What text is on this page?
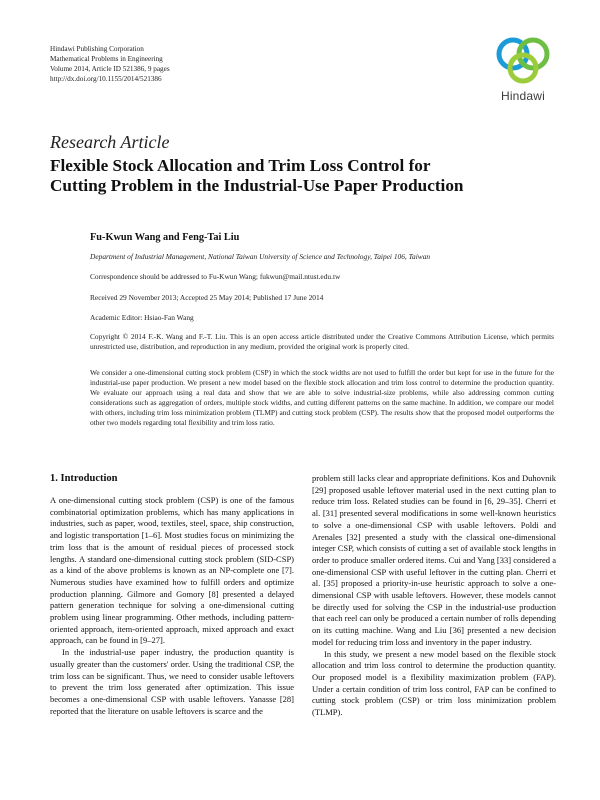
Hindawi Publishing Corporation
Mathematical Problems in Engineering
Volume 2014, Article ID 521386, 9 pages
http://dx.doi.org/10.1155/2014/521386
Hindawi
Research Article
Flexible Stock Allocation and Trim Loss Control for
Cutting Problem in the Industrial-Use Paper Production
Fu-Kwun Wang and Feng-Tai Liu
Department of Industrial Management, National Taiwan University of Science and Technology, Taipei 106, Taiwan
Correspondence should be addressed to Fu-Kwun Wang; fukwun@mail.ntust.edu.tw
Received 29 November 2013; Accepted 25 May 2014; Published 17 June 2014
Academic Editor: Hsiao-Fan Wang
Copyright © 2014 F.-K. Wang and F.-T. Liu. This is an open access article distributed under the Creative Commons Attribution License, which permits unrestricted use, distribution, and reproduction in any medium, provided the original work is properly cited.
We consider a one-dimensional cutting stock problem (CSP) in which the stock widths are not used to fulfill the order but kept for use in the future for the industrial-use paper production. We present a new model based on the flexible stock allocation and trim loss control to determine the production quantity. We evaluate our approach using a real data and show that we are able to solve industrial-size problems, while also addressing common cutting considerations such as aggregation of orders, multiple stock widths, and cutting different patterns on the same machine. In addition, we compare our model with others, including trim loss minimization problem (TLMP) and cutting stock problem (CSP). The results show that the proposed model outperforms the other two models regarding total flexibility and trim loss ratio.
1. Introduction

A one-dimensional cutting stock problem (CSP) is one of the famous combinatorial optimization problems, which has many applications in industries, such as paper, wood, textiles, steel, space, ship construction, and logistic transportation [1–6]. Most studies focus on minimizing the trim loss that is the amount of residual pieces of processed stock lengths. A standard one-dimensional cutting stock problem (SID-CSP) as a kind of the above problems is known as an NP-complete one [7]. Numerous studies have examined how to fulfill orders and optimize production planning. Gilmore and Gomory [8] presented a delayed pattern generation technique for solving a one-dimensional cutting problem using linear programming. Other methods, including pattern-oriented approach, item-oriented approach, mixed approach and exact approach, can be found in [9–27].

In the industrial-use paper industry, the production quantity is usually greater than the customers' order. Using the traditional CSP, the trim loss can be significant. Thus, we need to consider usable leftovers to prevent the trim loss generated after optimization. This issue becomes a one-dimensional CSP with usable leftovers. Yanasse [28] reported that the literature on usable leftovers is scarce and the

problem still lacks clear and appropriate definitions. Kos and Duhovnik [29] proposed usable leftover material used in the next cutting plan to reduce trim loss. Related studies can be found in [6, 29–35]. Cherri et al. [31] presented several modifications in some well-known heuristics to solve a one-dimensional CSP with usable leftovers. Poldi and Arenales [32] presented a study with the classical one-dimensional integer CSP, which consists of cutting a set of available stock lengths in order to produce smaller ordered items. Cui and Yang [33] considered a one-dimensional CSP with useful leftover in the cutting plan. Cherri et al. [35] proposed a priority-in-use heuristic approach to solve a one-dimensional CSP with usable leftovers. However, these models cannot be directly used for solving the CSP in the industrial-use production that each reel can only be produced a certain number of rolls depending on its cutting machine. Wang and Liu [36] presented a new decision model for reducing trim loss and inventory in the paper industry.

In this study, we present a new model based on the flexible stock allocation and trim loss control to determine the production quantity. Our proposed model is a flexibility maximization problem (FAP). Under a certain condition of trim loss control, FAP can be confined to cutting stock problem (CSP) or trim loss minimization problem (TLMP).
